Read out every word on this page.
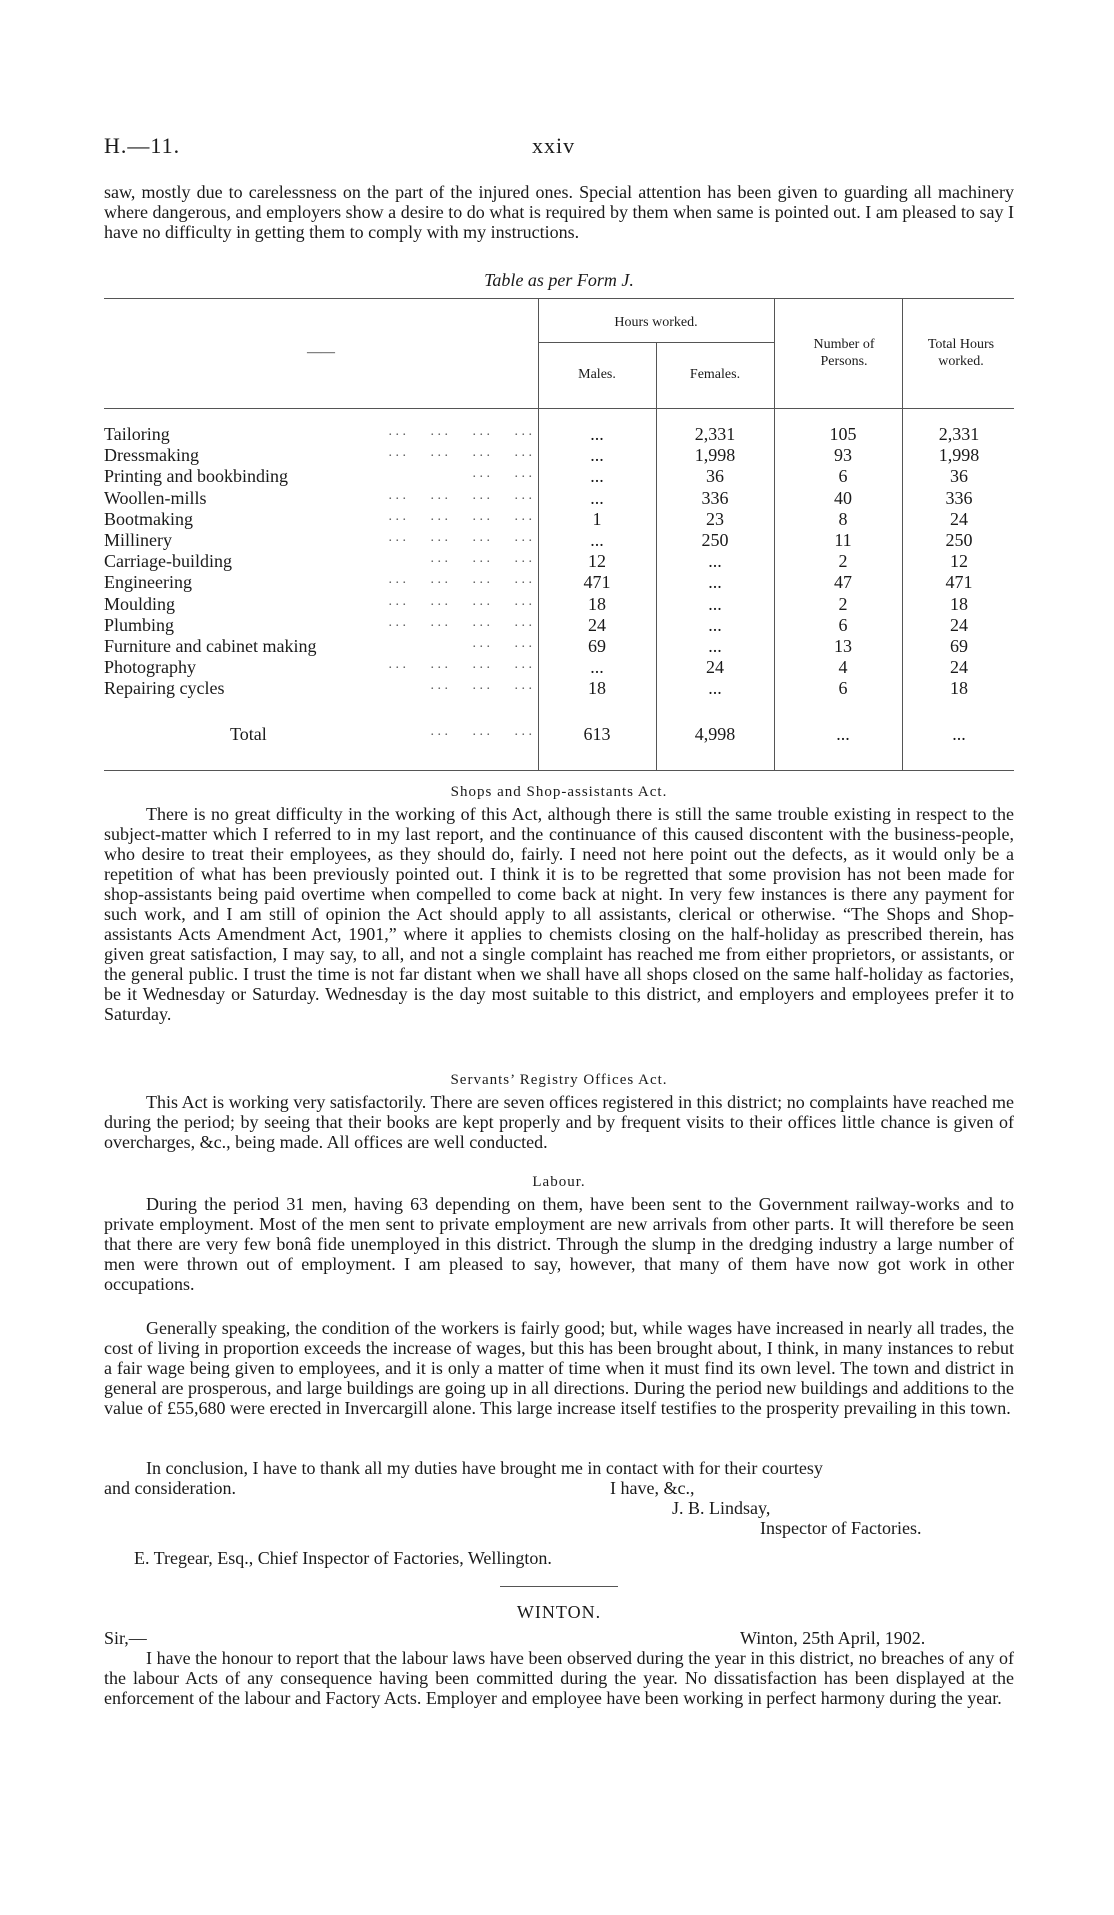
H.—11.	xxiv

saw, mostly due to carelessness on the part of the injured ones. Special attention has been given to guarding all machinery where dangerous, and employers show a desire to do what is required by them when same is pointed out. I am pleased to say I have no difficulty in getting them to comply with my instructions.

Table as per Form J.
——
Hours worked.
Males.	Females.
Number of Persons.
Total Hours worked.
Tailoring	. . .       . . .       . . .       . . .	...	2,331	105	2,331
Dressmaking	. . .       . . .       . . .       . . .	...	1,998	93	1,998
Printing and bookbinding	. . .       . . .	...	36	6	36
Woollen-mills	. . .       . . .       . . .       . . .	...	336	40	336
Bootmaking	. . .       . . .       . . .       . . .	1	23	8	24
Millinery	. . .       . . .       . . .       . . .	...	250	11	250
Carriage-building	. . .       . . .       . . .	12	...	2	12
Engineering	. . .       . . .       . . .       . . .	471	...	47	471
Moulding	. . .       . . .       . . .       . . .	18	...	2	18
Plumbing	. . .       . . .       . . .       . . .	24	...	6	24
Furniture and cabinet making	. . .       . . .	69	...	13	69
Photography	. . .       . . .       . . .       . . .	...	24	4	24
Repairing cycles	. . .       . . .       . . .	18	...	6	18
Total	. . .       . . .       . . .	613	4,998	...	...
Shops and Shop-assistants Act.

There is no great difficulty in the working of this Act, although there is still the same trouble existing in respect to the subject-matter which I referred to in my last report, and the continuance of this caused discontent with the business-people, who desire to treat their employees, as they should do, fairly. I need not here point out the defects, as it would only be a repetition of what has been previously pointed out. I think it is to be regretted that some provision has not been made for shop-assistants being paid overtime when compelled to come back at night. In very few instances is there any payment for such work, and I am still of opinion the Act should apply to all assistants, clerical or otherwise. “The Shops and Shop-assistants Acts Amendment Act, 1901,” where it applies to chemists closing on the half-holiday as prescribed therein, has given great satisfaction, I may say, to all, and not a single complaint has reached me from either proprietors, or assistants, or the general public. I trust the time is not far distant when we shall have all shops closed on the same half-holiday as factories, be it Wednesday or Saturday. Wednesday is the day most suitable to this district, and employers and employees prefer it to Saturday.

Servants’ Registry Offices Act.

This Act is working very satisfactorily. There are seven offices registered in this district; no complaints have reached me during the period; by seeing that their books are kept properly and by frequent visits to their offices little chance is given of overcharges, &c., being made. All offices are well conducted.

Labour.

During the period 31 men, having 63 depending on them, have been sent to the Government railway-works and to private employment. Most of the men sent to private employment are new arrivals from other parts. It will therefore be seen that there are very few bonâ fide unemployed in this district. Through the slump in the dredging industry a large number of men were thrown out of employment. I am pleased to say, however, that many of them have now got work in other occupations.

Generally speaking, the condition of the workers is fairly good; but, while wages have increased in nearly all trades, the cost of living in proportion exceeds the increase of wages, but this has been brought about, I think, in many instances to rebut a fair wage being given to employees, and it is only a matter of time when it must find its own level. The town and district in general are prosperous, and large buildings are going up in all directions. During the period new buildings and additions to the value of £55,680 were erected in Invercargill alone. This large increase itself testifies to the prosperity prevailing in this town.

In conclusion, I have to thank all my duties have brought me in contact with for their courtesy

and consideration.	I have, &c.,
J. B. Lindsay,
Inspector of Factories.

E. Tregear, Esq., Chief Inspector of Factories, Wellington.

WINTON.
Sir,—	Winton, 25th April, 1902.

I have the honour to report that the labour laws have been observed during the year in this district, no breaches of any of the labour Acts of any consequence having been committed during the year. No dissatisfaction has been displayed at the enforcement of the labour and Factory Acts. Employer and employee have been working in perfect harmony during the year.
